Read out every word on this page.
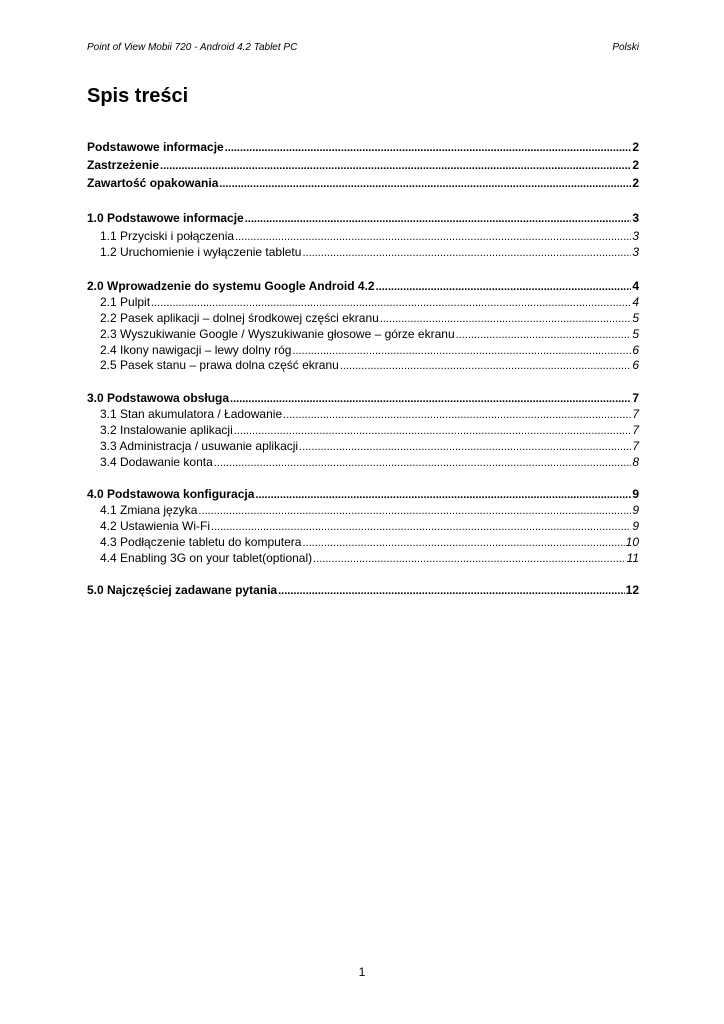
Point of View Mobii 720 - Android 4.2 Tablet PC	Polski
Spis treści
Podstawowe informacje .....	2
Zastrzeżenie .....	2
Zawartość opakowania .....	2
1.0 Podstawowe informacje .....	3
1.1 Przyciski i połączenia .....	3
1.2 Uruchomienie i wyłączenie tabletu .....	3
2.0 Wprowadzenie do systemu Google Android 4.2 .....	4
2.1 Pulpit .....	4
2.2 Pasek aplikacji – dolnej środkowej części ekranu .....	5
2.3 Wyszukiwanie Google / Wyszukiwanie głosowe – górze ekranu .....	5
2.4 Ikony nawigacji – lewy dolny róg .....	6
2.5 Pasek stanu – prawa dolna część ekranu .....	6
3.0 Podstawowa obsługa .....	7
3.1 Stan akumulatora / Ładowanie .....	7
3.2 Instalowanie aplikacji .....	7
3.3 Administracja / usuwanie aplikacji .....	7
3.4 Dodawanie konta .....	8
4.0 Podstawowa konfiguracja .....	9
4.1 Zmiana języka .....	9
4.2 Ustawienia Wi-Fi .....	9
4.3 Podłączenie tabletu do komputera .....	10
4.4 Enabling 3G on your tablet(optional) .....	11
5.0 Najczęściej zadawane pytania .....	12
1
